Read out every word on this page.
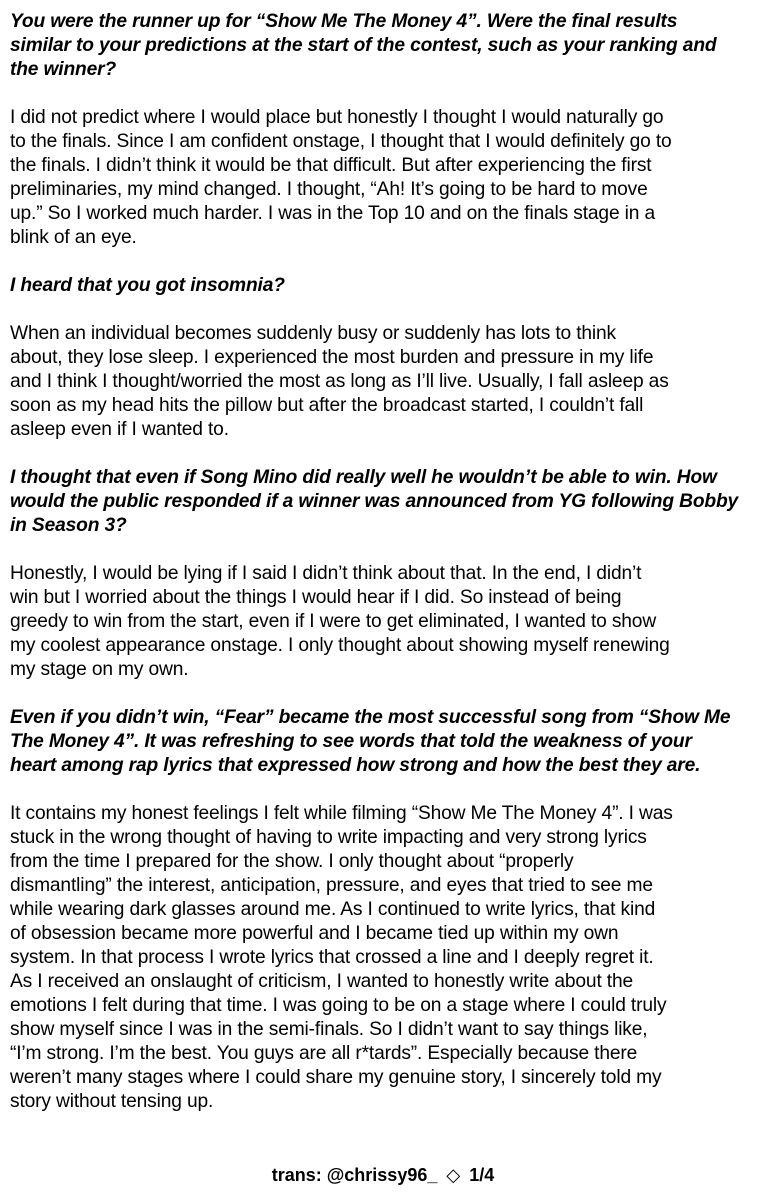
You were the runner up for “Show Me The Money 4”. Were the final results
similar to your predictions at the start of the contest, such as your ranking and
the winner?

I did not predict where I would place but honestly I thought I would naturally go
to the finals. Since I am confident onstage, I thought that I would definitely go to
the finals. I didn’t think it would be that difficult. But after experiencing the first
preliminaries, my mind changed. I thought, “Ah! It’s going to be hard to move
up.” So I worked much harder. I was in the Top 10 and on the finals stage in a
blink of an eye.

I heard that you got insomnia?

When an individual becomes suddenly busy or suddenly has lots to think
about, they lose sleep. I experienced the most burden and pressure in my life
and I think I thought/worried the most as long as I’ll live. Usually, I fall asleep as
soon as my head hits the pillow but after the broadcast started, I couldn’t fall
asleep even if I wanted to.

I thought that even if Song Mino did really well he wouldn’t be able to win. How
would the public responded if a winner was announced from YG following Bobby
in Season 3?

Honestly, I would be lying if I said I didn’t think about that. In the end, I didn’t
win but I worried about the things I would hear if I did. So instead of being
greedy to win from the start, even if I were to get eliminated, I wanted to show
my coolest appearance onstage. I only thought about showing myself renewing
my stage on my own.

Even if you didn’t win, “Fear” became the most successful song from “Show Me
The Money 4”. It was refreshing to see words that told the weakness of your
heart among rap lyrics that expressed how strong and how the best they are.

It contains my honest feelings I felt while filming “Show Me The Money 4”. I was
stuck in the wrong thought of having to write impacting and very strong lyrics
from the time I prepared for the show. I only thought about “properly
dismantling” the interest, anticipation, pressure, and eyes that tried to see me
while wearing dark glasses around me. As I continued to write lyrics, that kind
of obsession became more powerful and I became tied up within my own
system. In that process I wrote lyrics that crossed a line and I deeply regret it.
As I received an onslaught of criticism, I wanted to honestly write about the
emotions I felt during that time. I was going to be on a stage where I could truly
show myself since I was in the semi-finals. So I didn’t want to say things like,
“I’m strong. I’m the best. You guys are all r*tards”. Especially because there
weren’t many stages where I could share my genuine story, I sincerely told my
story without tensing up.

trans: @chrissy96_ ◇ 1/4
